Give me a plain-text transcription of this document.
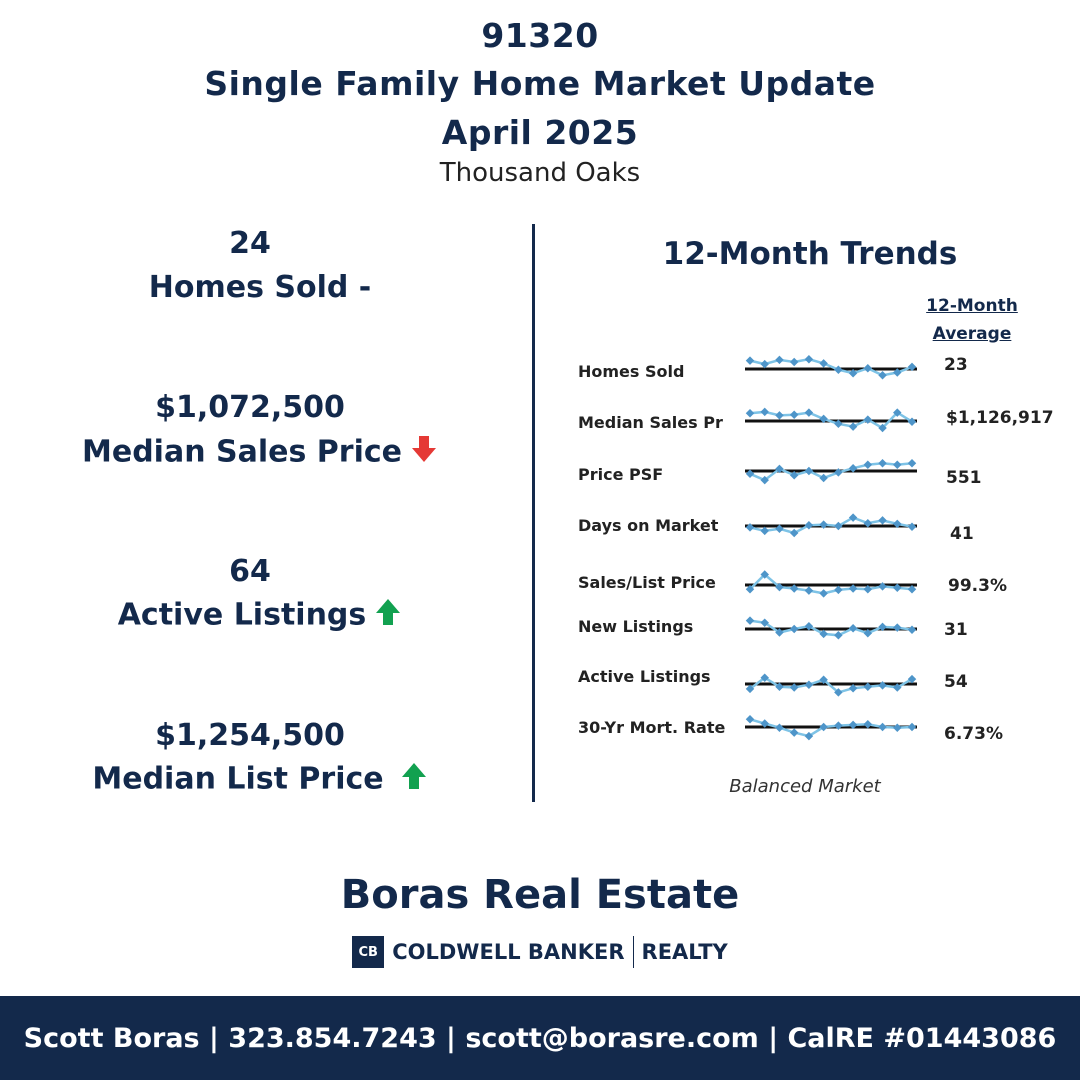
91320
Single Family Home Market Update
April 2025
Thousand Oaks
24
Homes Sold -
$1,072,500
Median Sales Price
64
Active Listings
$1,254,500
Median List Price
12-Month Trends
12-Month
Average
Homes Sold	23
Median Sales Pr	$1,126,917
Price PSF	551
Days on Market	41
Sales/List Price	99.3%
New Listings	31
Active Listings	54
30-Yr Mort. Rate	6.73%
Balanced Market
Boras Real Estate
CB COLDWELL BANKER REALTY
Scott Boras | 323.854.7243 | scott@borasre.com | CalRE #01443086
